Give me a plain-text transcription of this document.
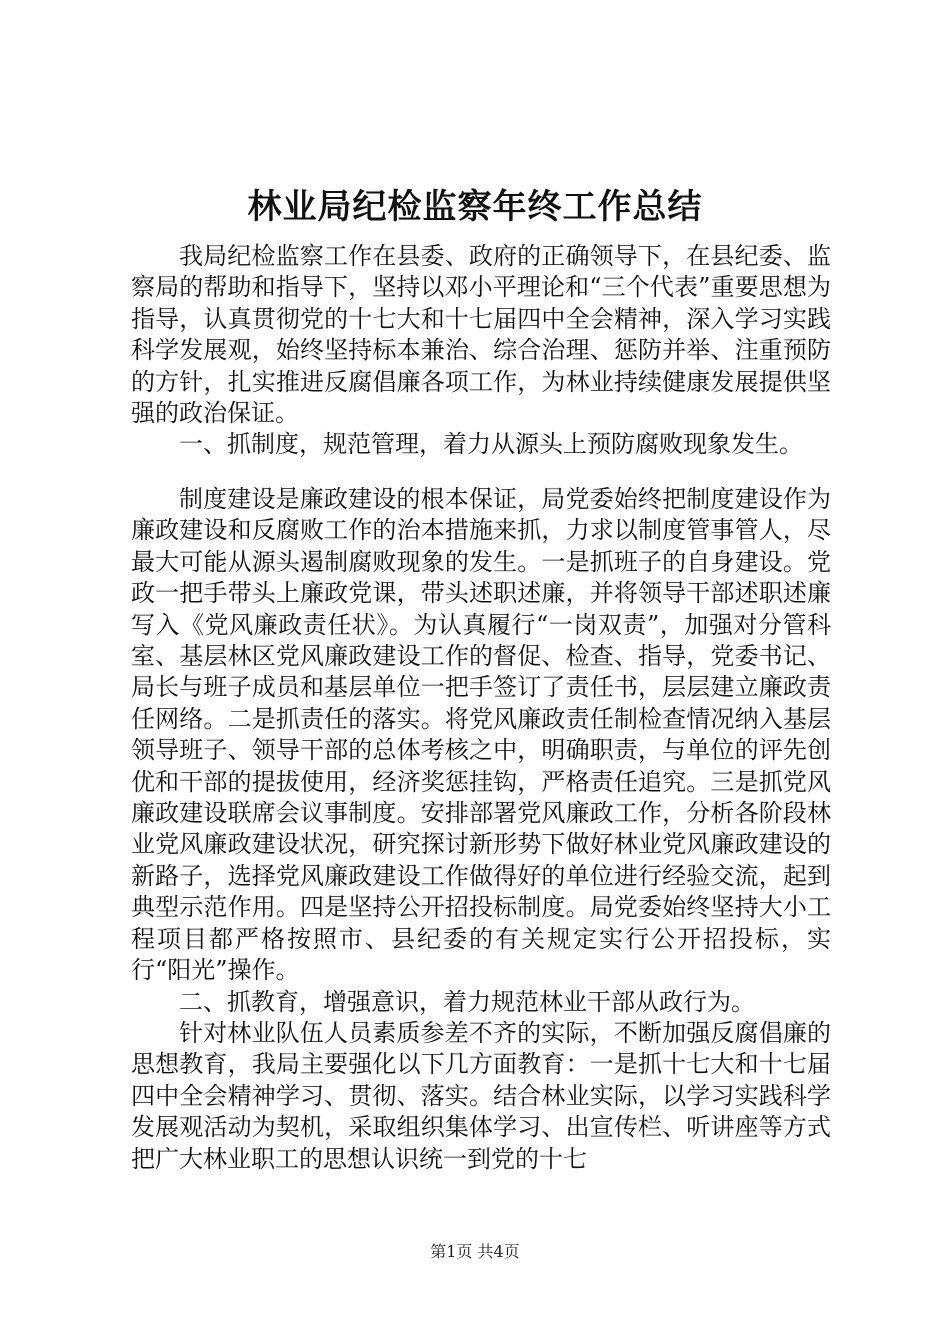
林业局纪检监察年终工作总结

我局纪检监察工作在县委、政府的正确领导下，在县纪委、监察局的帮助和指导下，坚持以邓小平理论和“三个代表”重要思想为指导，认真贯彻党的十七大和十七届四中全会精神，深入学习实践科学发展观，始终坚持标本兼治、综合治理、惩防并举、注重预防的方针，扎实推进反腐倡廉各项工作，为林业持续健康发展提供坚强的政治保证。

一、抓制度，规范管理，着力从源头上预防腐败现象发生。

制度建设是廉政建设的根本保证，局党委始终把制度建设作为廉政建设和反腐败工作的治本措施来抓，力求以制度管事管人，尽最大可能从源头遏制腐败现象的发生。一是抓班子的自身建设。党政一把手带头上廉政党课，带头述职述廉，并将领导干部述职述廉写入《党风廉政责任状》。为认真履行“一岗双责”，加强对分管科室、基层林区党风廉政建设工作的督促、检查、指导，党委书记、局长与班子成员和基层单位一把手签订了责任书，层层建立廉政责任网络。二是抓责任的落实。将党风廉政责任制检查情况纳入基层领导班子、领导干部的总体考核之中，明确职责，与单位的评先创优和干部的提拔使用，经济奖惩挂钩，严格责任追究。三是抓党风廉政建设联席会议事制度。安排部署党风廉政工作，分析各阶段林业党风廉政建设状况，研究探讨新形势下做好林业党风廉政建设的新路子，选择党风廉政建设工作做得好的单位进行经验交流，起到典型示范作用。四是坚持公开招投标制度。局党委始终坚持大小工程项目都严格按照市、县纪委的有关规定实行公开招投标，实行“阳光”操作。

二、抓教育，增强意识，着力规范林业干部从政行为。

针对林业队伍人员素质参差不齐的实际，不断加强反腐倡廉的思想教育，我局主要强化以下几方面教育：一是抓十七大和十七届四中全会精神学习、贯彻、落实。结合林业实际，以学习实践科学发展观活动为契机，采取组织集体学习、出宣传栏、听讲座等方式把广大林业职工的思想认识统一到党的十七

第1页 共4页
